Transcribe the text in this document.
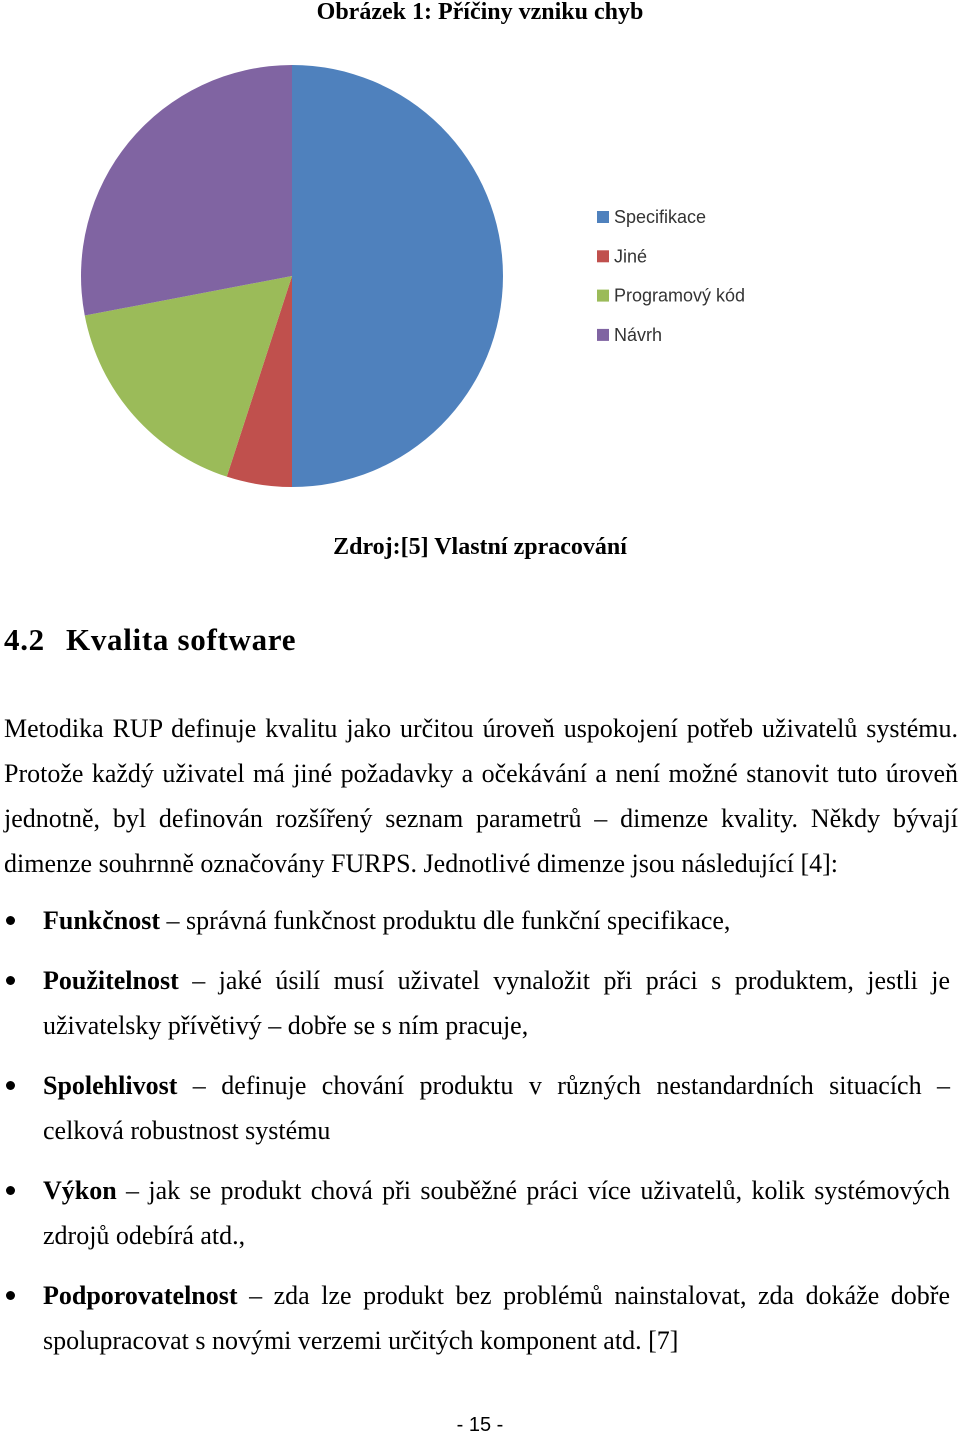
Obrázek 1: Příčiny vzniku chyb
Specifikace
Jiné
Programový kód
Návrh
Zdroj:[5] Vlastní zpracování
4.2 Kvalita software

Metodika RUP definuje kvalitu jako určitou úroveň uspokojení potřeb uživatelů systému. Protože každý uživatel má jiné požadavky a očekávání a není možné stanovit tuto úroveň jednotně, byl definován rozšířený seznam parametrů – dimenze kvality. Někdy bývají dimenze souhrnně označovány FURPS. Jednotlivé dimenze jsou následující [4]:

Funkčnost – správná funkčnost produktu dle funkční specifikace,
Použitelnost – jaké úsilí musí uživatel vynaložit při práci s produktem, jestli je uživatelsky přívětivý – dobře se s ním pracuje,
Spolehlivost – definuje chování produktu v různých nestandardních situacích – celková robustnost systému
Výkon – jak se produkt chová při souběžné práci více uživatelů, kolik systémových zdrojů odebírá atd.,
Podporovatelnost – zda lze produkt bez problémů nainstalovat, zda dokáže dobře spolupracovat s novými verzemi určitých komponent atd. [7]
- 15 -
